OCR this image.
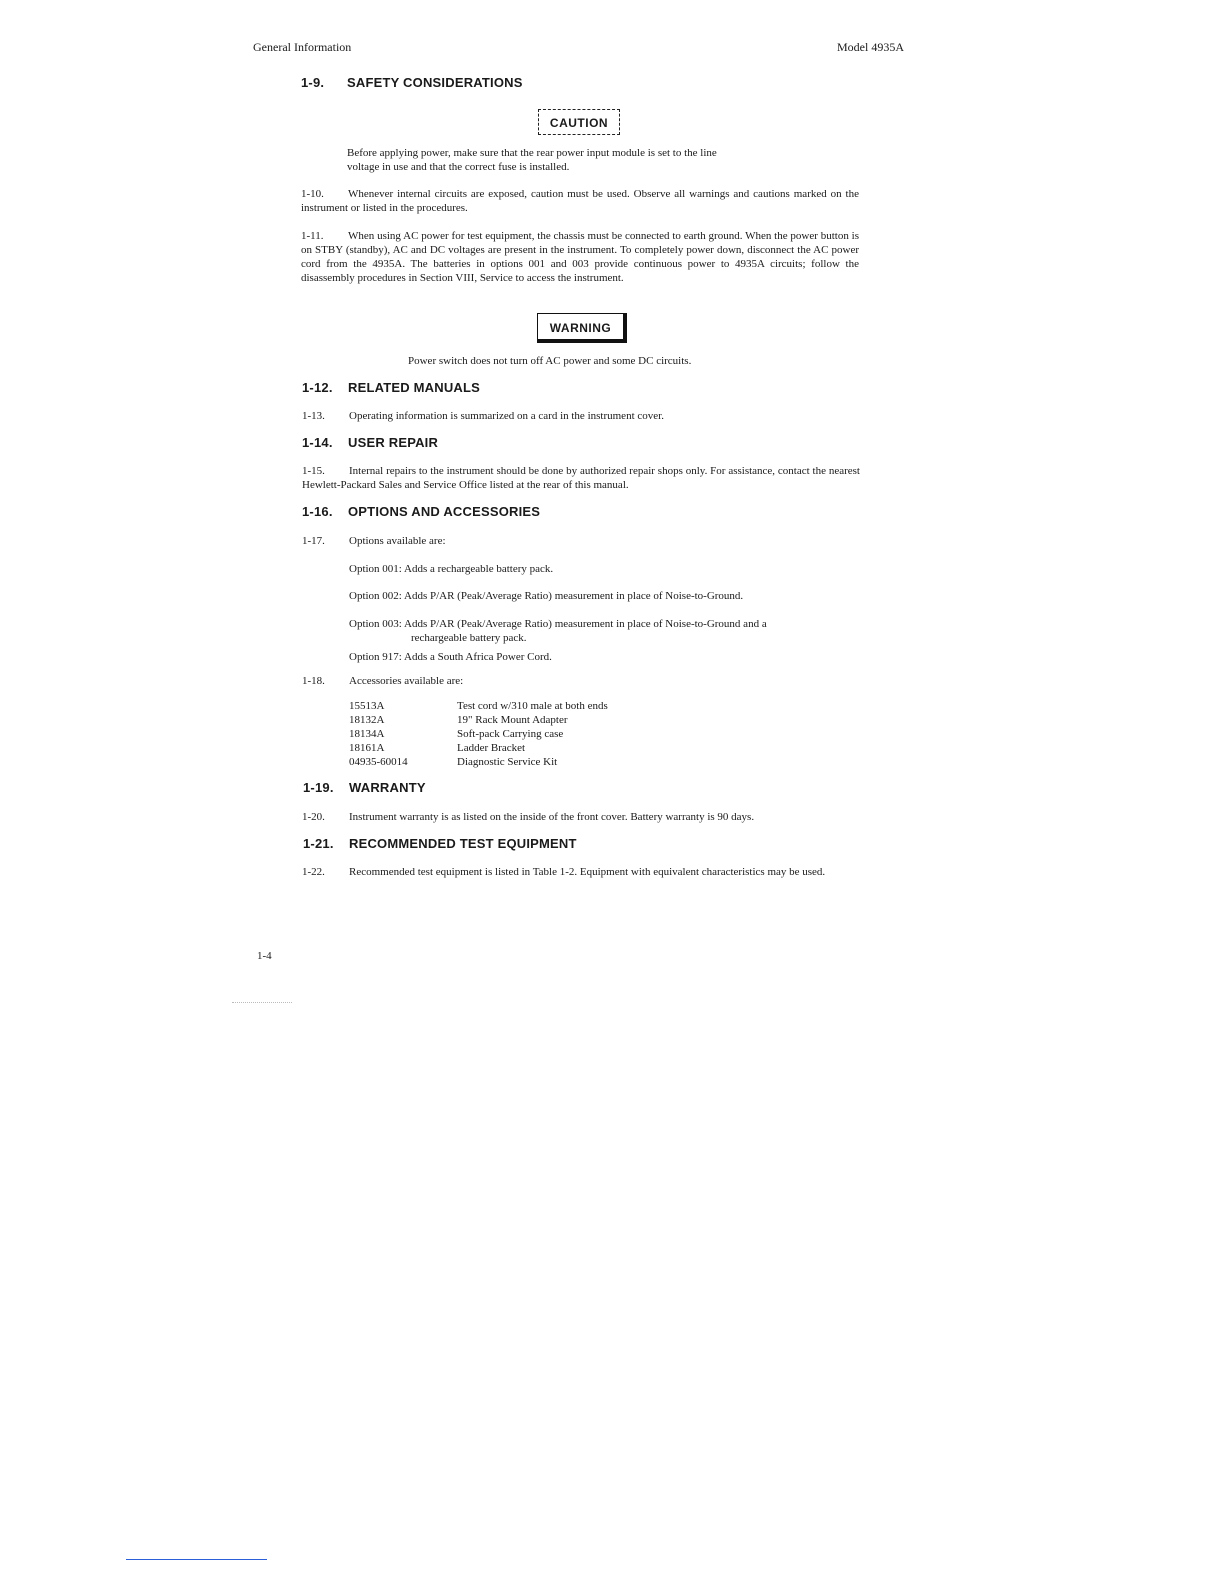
General Information	Model 4935A
1-9. SAFETY CONSIDERATIONS
CAUTION
Before applying power, make sure that the rear power input module is set to the line
voltage in use and that the correct fuse is installed.
1-10. Whenever internal circuits are exposed, caution must be used. Observe all warnings and cautions marked on the instrument or listed in the procedures.
1-11. When using AC power for test equipment, the chassis must be connected to earth ground. When the power button is on STBY (standby), AC and DC voltages are present in the instrument. To completely power down, disconnect the AC power cord from the 4935A. The batteries in options 001 and 003 provide continuous power to 4935A circuits; follow the disassembly procedures in Section VIII, Service to access the instrument.
WARNING
Power switch does not turn off AC power and some DC circuits.
1-12. RELATED MANUALS
1-13. Operating information is summarized on a card in the instrument cover.
1-14. USER REPAIR
1-15. Internal repairs to the instrument should be done by authorized repair shops only. For assistance, contact the nearest Hewlett-Packard Sales and Service Office listed at the rear of this manual.
1-16. OPTIONS AND ACCESSORIES
1-17. Options available are:
Option 001: Adds a rechargeable battery pack.
Option 002: Adds P/AR (Peak/Average Ratio) measurement in place of Noise-to-Ground.
Option 003: Adds P/AR (Peak/Average Ratio) measurement in place of Noise-to-Ground and a
rechargeable battery pack.
Option 917: Adds a South Africa Power Cord.
1-18. Accessories available are:
15513A	Test cord w/310 male at both ends
18132A	19" Rack Mount Adapter
18134A	Soft-pack Carrying case
18161A	Ladder Bracket
04935-60014	Diagnostic Service Kit
1-19. WARRANTY
1-20. Instrument warranty is as listed on the inside of the front cover. Battery warranty is 90 days.
1-21. RECOMMENDED TEST EQUIPMENT
1-22. Recommended test equipment is listed in Table 1-2. Equipment with equivalent characteristics may be used.
1-4
